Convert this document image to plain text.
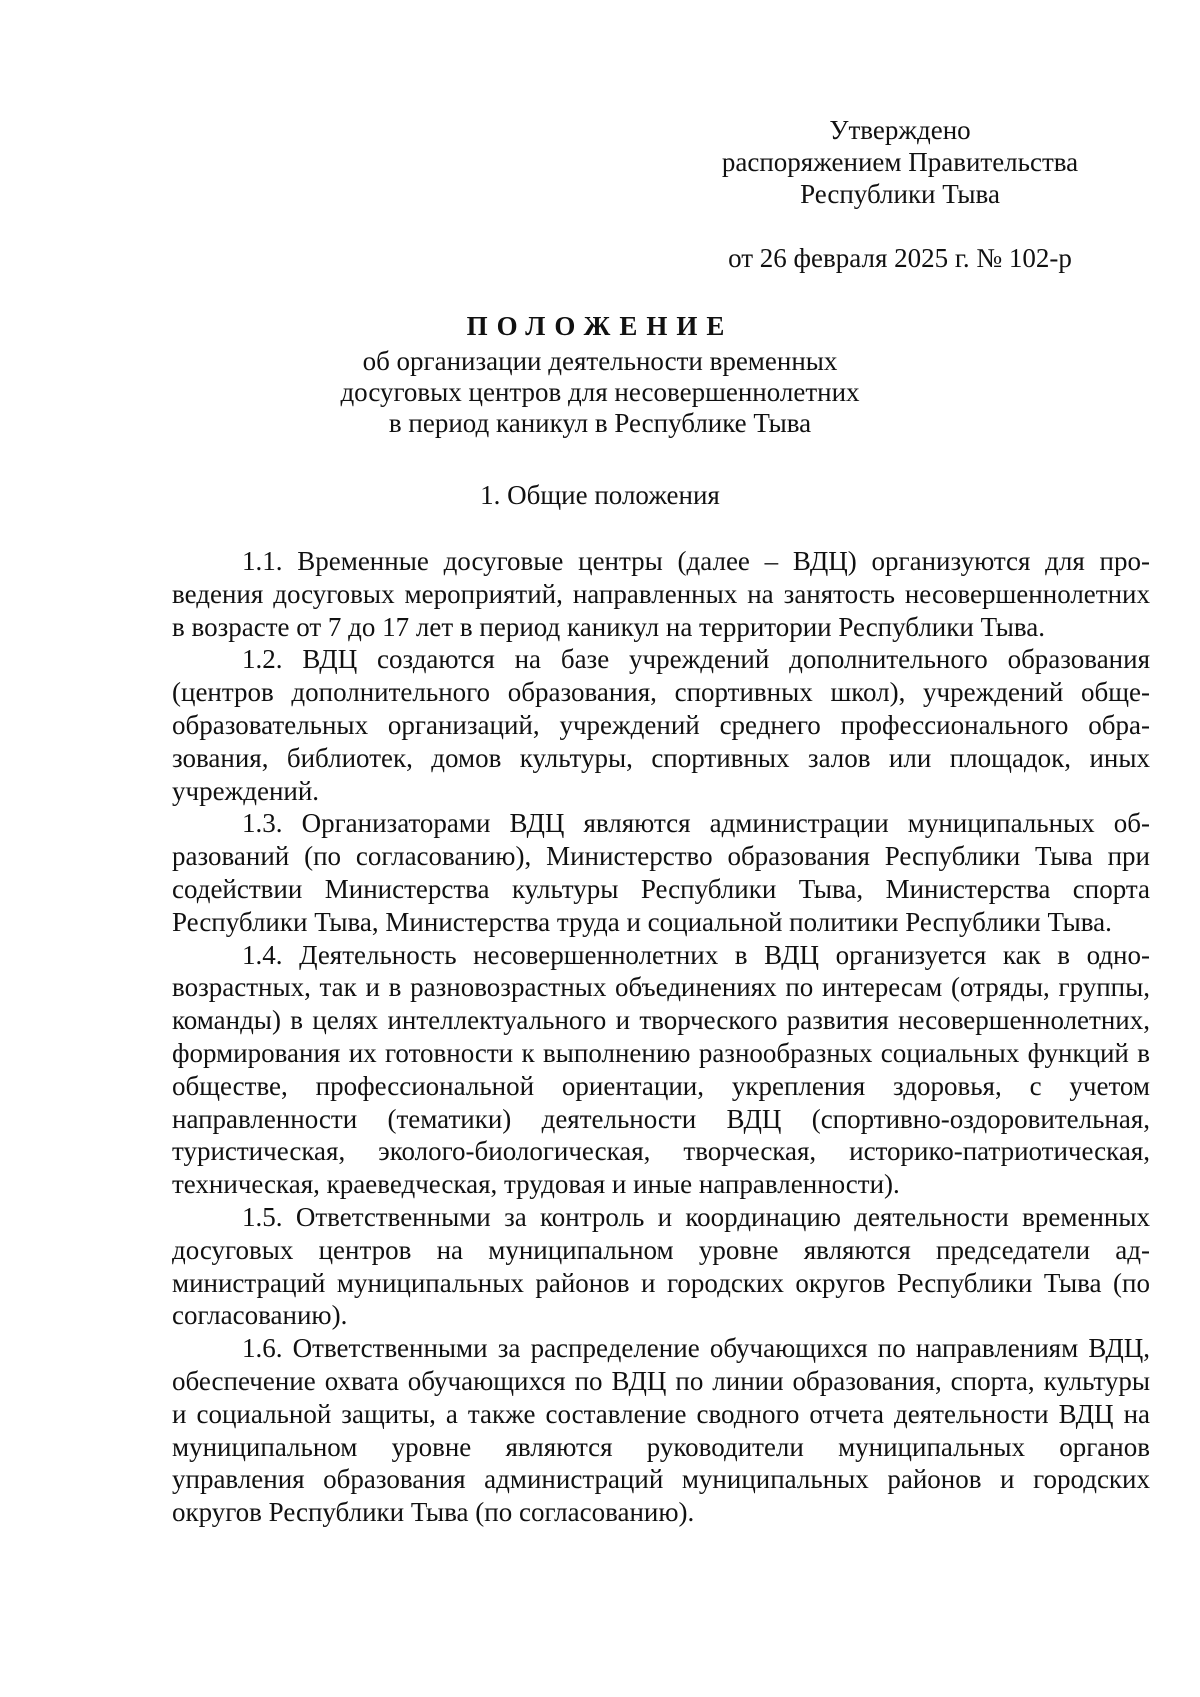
Утверждено
распоряжением Правительства
Республики Тыва
от 26 февраля 2025 г. № 102-р
ПОЛОЖЕНИЕ
об организации деятельности временных
досуговых центров для несовершеннолетних
в период каникул в Республике Тыва
1. Общие положения

1.1. Временные досуговые центры (далее – ВДЦ) организуются для проведения досуговых мероприятий, направленных на занятость несовершеннолетних в возрасте от 7 до 17 лет в период каникул на территории Республики Тыва.

1.2. ВДЦ создаются на базе учреждений дополнительного образования (центров дополнительного образования, спортивных школ), учреждений общеобразовательных организаций, учреждений среднего профессионального образования, библиотек, домов культуры, спортивных залов или площадок, иных учреждений.

1.3. Организаторами ВДЦ являются администрации муниципальных образований (по согласованию), Министерство образования Республики Тыва при содействии Министерства культуры Республики Тыва, Министерства спорта Республики Тыва, Министерства труда и социальной политики Республики Тыва.

1.4. Деятельность несовершеннолетних в ВДЦ организуется как в одновозрастных, так и в разновозрастных объединениях по интересам (отряды, группы, команды) в целях интеллектуального и творческого развития несовершеннолетних, формирования их готовности к выполнению разнообразных социальных функций в обществе, профессиональной ориентации, укрепления здоровья, с учетом направленности (тематики) деятельности ВДЦ (спортивно-оздоровительная, туристическая, эколого-биологическая, творческая, историко-патриотическая, техническая, краеведческая, трудовая и иные направленности).

1.5. Ответственными за контроль и координацию деятельности временных досуговых центров на муниципальном уровне являются председатели администраций муниципальных районов и городских округов Республики Тыва (по согласованию).

1.6. Ответственными за распределение обучающихся по направлениям ВДЦ, обеспечение охвата обучающихся по ВДЦ по линии образования, спорта, культуры и социальной защиты, а также составление сводного отчета деятельности ВДЦ на муниципальном уровне являются руководители муниципальных органов управления образования администраций муниципальных районов и городских округов Республики Тыва (по согласованию).
